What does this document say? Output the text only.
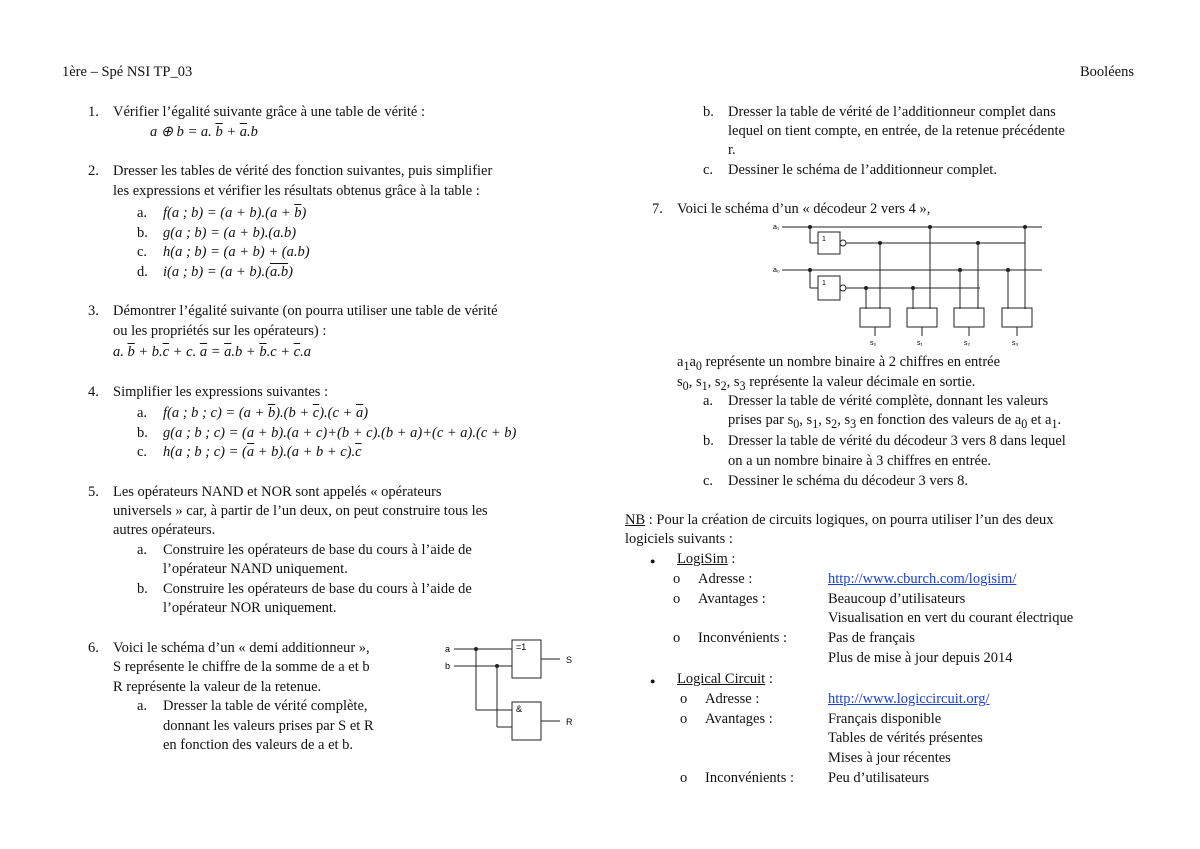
1ère – Spé NSI TP_03	Booléens
1. Vérifier l’égalité suivante grâce à une table de vérité :
a ⊕ b = a. $\overline{b} + \overline{a}.b$
2. Dresser les tables de vérité des fonction suivantes, puis simplifier
les expressions et vérifier les résultats obtenus grâce à la table :
a. f(a ; $b) = (a + b).(a + \overline{b})$
b. g(a ; b) = (a + b).(a.b)
c. h(a ; b) = (a + b) + (a.b)
d. i(a ; b) = (a + b).(a.b)
3. Démontrer l’égalité suivante (on pourra utiliser une table de vérité
ou les propriétés sur les opérateurs) :
a. $\overline{b} + b.\overline{c} + c$. $\overline{a} = \overline{a}.b + \overline{b}.c + \overline{c}.a$
4. Simplifier les expressions suivantes :
a. f(a ; b ; $c) = (a + \overline{b}).(b + \overline{c}).(c + \overline{a})$
b. g(a ; b ; c) = (a + b).(a + c)+(b + c).(b + a)+(c + a).(c + b)
c. h(a ; b ; $c) = (\overline{a} + b).(a + b + c).\overline{c}$
5. Les opérateurs NAND et NOR sont appelés « opérateurs
universels » car, à partir de l’un deux, on peut construire tous les
autres opérateurs.
a. Construire les opérateurs de base du cours à l’aide de
l’opérateur NAND uniquement.
b. Construire les opérateurs de base du cours à l’aide de
l’opérateur NOR uniquement.
6. Voici le schéma d’un « demi additionneur »,
S représente le chiffre de la somme de a et b
R représente la valeur de la retenue.
a. Dresser la table de vérité complète,
donnant les valeurs prises par S et R
en fonction des valeurs de a et b.
a
b
=1
&
S
R
b. Dresser la table de vérité de l’additionneur complet dans
lequel on tient compte, en entrée, de la retenue précédente
r.
c. Dessiner le schéma de l’additionneur complet.
7. Voici le schéma d’un « décodeur 2 vers 4 »,
a₁
a₀
1
1
s₀	s₁	s₂	s₃
$a_1a_0$ représente un nombre binaire à 2 chiffres en entrée
$s_0$, $s_1$, $s_2$, $s_3$ représente la valeur décimale en sortie.
a. Dresser la table de vérité complète, donnant les valeurs
prises par $s_0$, $s_1$, $s_2$, $s_3$ en fonction des valeurs de $a_0$ et $a_1$.
b. Dresser la table de vérité du décodeur 3 vers 8 dans lequel
on a un nombre binaire à 3 chiffres en entrée.
c. Dessiner le schéma du décodeur 3 vers 8.
NB : Pour la création de circuits logiques, on pourra utiliser l’un des deux
logiciels suivants :
● LogiSim :
o Adresse :	http://www.cburch.com/logisim/
o Avantages :	Beaucoup d’utilisateurs
Visualisation en vert du courant électrique
o Inconvénients :	Pas de français
Plus de mise à jour depuis 2014
● Logical Circuit :
o Adresse :	http://www.logiccircuit.org/
o Avantages :	Français disponible
Tables de vérités présentes
Mises à jour récentes
o Inconvénients : Peu d’utilisateurs
